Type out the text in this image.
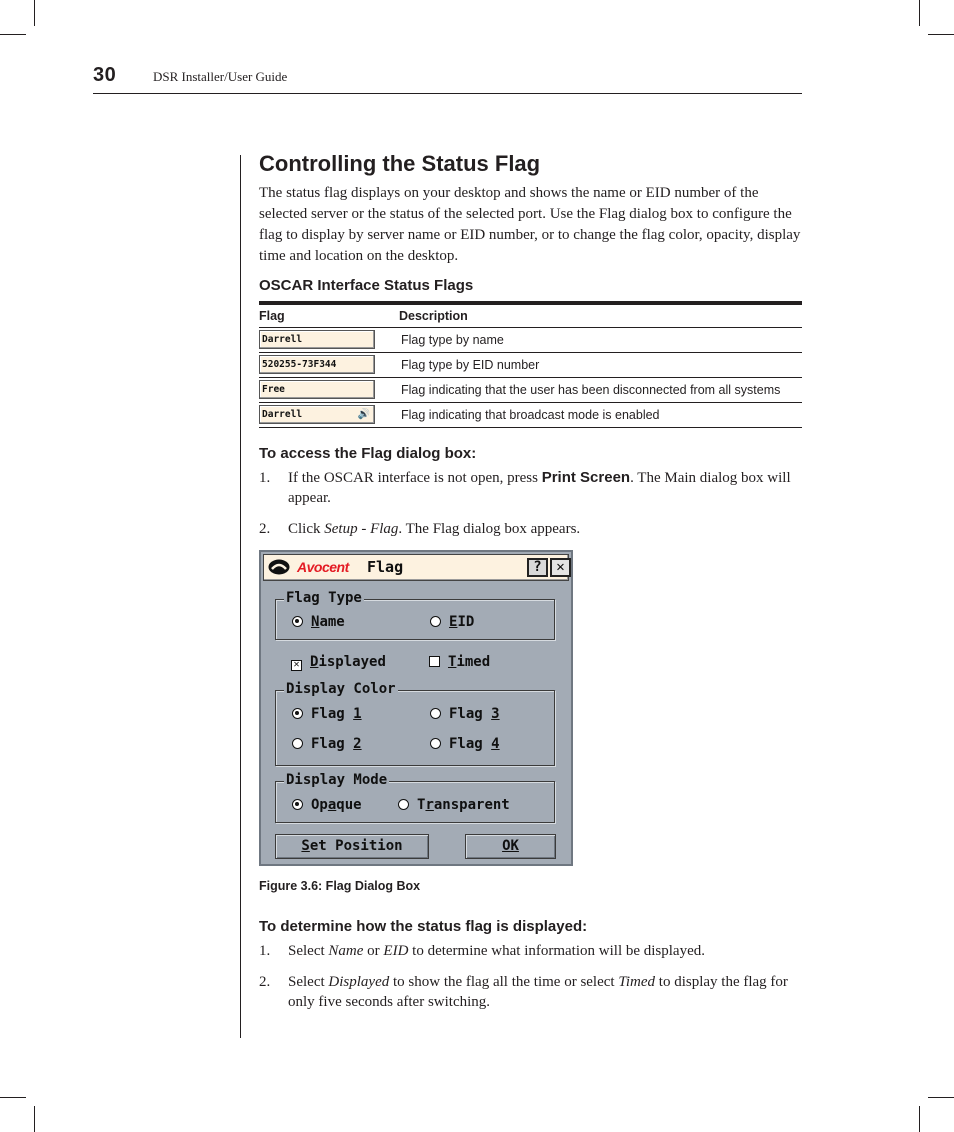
30	DSR Installer/User Guide
Controlling the Status Flag

The status flag displays on your desktop and shows the name or EID number of the selected server or the status of the selected port. Use the Flag dialog box to configure the flag to display by server name or EID number, or to change the flag color, opacity, display time and location on the desktop.

OSCAR Interface Status Flags
Flag	Description

Darrell	Flag type by name

520255-73F344	Flag type by EID number

Free	Flag indicating that the user has been disconnected from all systems

Darrell 🔊	Flag indicating that broadcast mode is enabled
To access the Flag dialog box:
1. If the OSCAR interface is not open, press Print Screen. The Main dialog box will appear.
2. Click Setup - Flag. The Flag dialog box appears.
Avocent Flag	?	✕
Flag Type
Name	EID
✕ Displayed	Timed
Display Color
Flag 1	Flag 3
Flag 2	Flag 4
Display Mode
Opaque	Transparent
Set Position	OK

Figure 3.6: Flag Dialog Box

To determine how the status flag is displayed:
1. Select Name or EID to determine what information will be displayed.
2. Select Displayed to show the flag all the time or select Timed to display the flag for only five seconds after switching.
